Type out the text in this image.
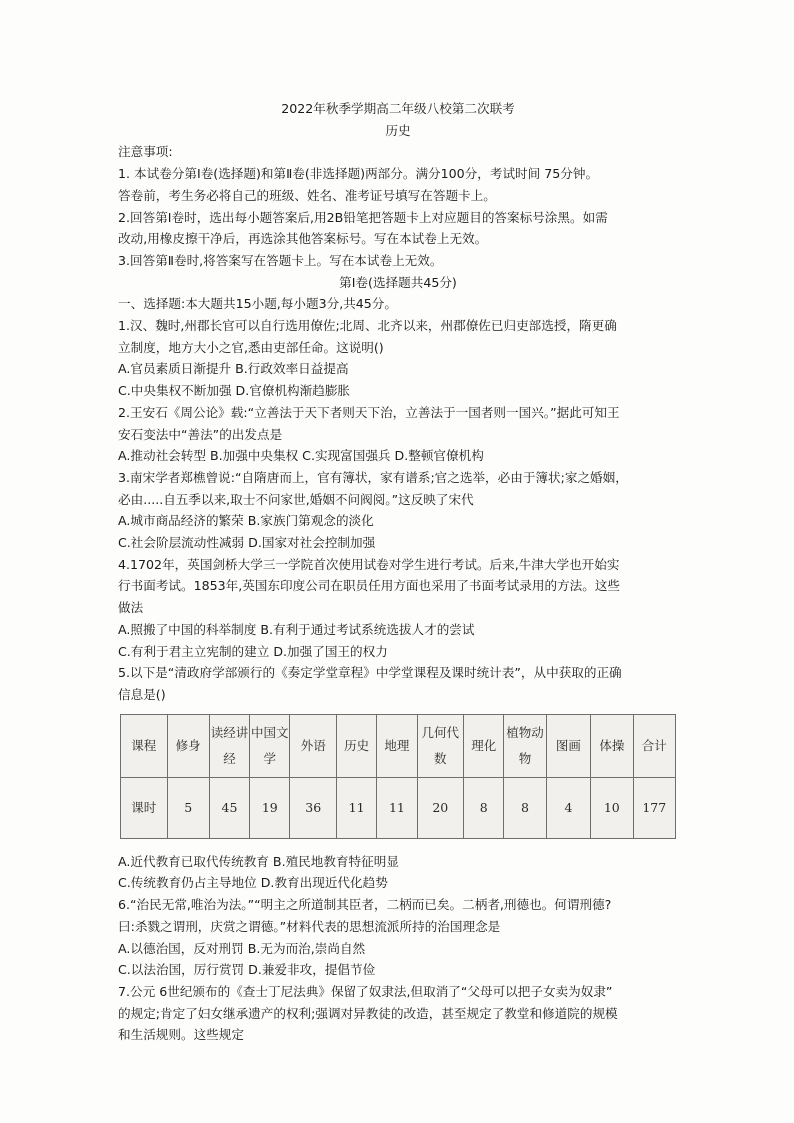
2022年秋季学期高二年级八校第二次联考
历史
注意事项:
1. 本试卷分第Ⅰ卷(选择题)和第Ⅱ卷(非选择题)两部分。满分100分，考试时间 75分钟。
答卷前，考生务必将自己的班级、姓名、准考证号填写在答题卡上。
2.回答第Ⅰ卷时，选出每小题答案后,用2B铅笔把答题卡上对应题目的答案标号涂黑。如需
改动,用橡皮擦干净后，再选涂其他答案标号。写在本试卷上无效。
3.回答第Ⅱ卷时,将答案写在答题卡上。写在本试卷上无效。
第Ⅰ卷(选择题共45分)
一、选择题:本大题共15小题,每小题3分,共45分。
1.汉、魏时,州郡长官可以自行选用僚佐;北周、北齐以来，州郡僚佐已归吏部选授，隋更确
立制度，地方大小之官,悉由吏部任命。这说明()
A.官员素质日渐提升 B.行政效率日益提高
C.中央集权不断加强 D.官僚机构渐趋膨胀
2.王安石《周公论》载:“立善法于天下者则天下治，立善法于一国者则一国兴。”据此可知王
安石变法中“善法”的出发点是
A.推动社会转型 B.加强中央集权 C.实现富国强兵 D.整顿官僚机构
3.南宋学者郑樵曾说:“自隋唐而上，官有簿状，家有谱系;官之选举，必由于簿状;家之婚姻，
必由.....自五季以来,取士不问家世,婚姻不问阀阅。”这反映了宋代
A.城市商品经济的繁荣 B.家族门第观念的淡化
C.社会阶层流动性减弱 D.国家对社会控制加强
4.1702年，英国剑桥大学三一学院首次使用试卷对学生进行考试。后来,牛津大学也开始实
行书面考试。1853年,英国东印度公司在职员任用方面也采用了书面考试录用的方法。这些
做法
A.照搬了中国的科举制度 B.有利于通过考试系统选拔人才的尝试
C.有利于君主立宪制的建立 D.加强了国王的权力
5.以下是“清政府学部颁行的《奏定学堂章程》中学堂课程及课时统计表”，从中获取的正确
信息是()
课程	修身	读经讲经	中国文学	外语	历史	地理	几何代数	理化	植物动物	图画	体操	合计
课时	5	45	19	36	11	11	20	8	8	4	10	177
A.近代教育已取代传统教育 B.殖民地教育特征明显
C.传统教育仍占主导地位 D.教育出现近代化趋势
6.“治民无常,唯治为法。”“明主之所道制其臣者，二柄而已矣。二柄者,刑德也。何谓刑德?
曰:杀戮之谓刑，庆赏之谓德。”材料代表的思想流派所持的治国理念是
A.以德治国，反对刑罚 B.无为而治,崇尚自然
C.以法治国，厉行赏罚 D.兼爱非攻，提倡节俭
7.公元 6世纪颁布的《查士丁尼法典》保留了奴隶法,但取消了“父母可以把子女卖为奴隶”
的规定;肯定了妇女继承遗产的权利;强调对异教徒的改造，甚至规定了教堂和修道院的规模
和生活规则。这些规定
